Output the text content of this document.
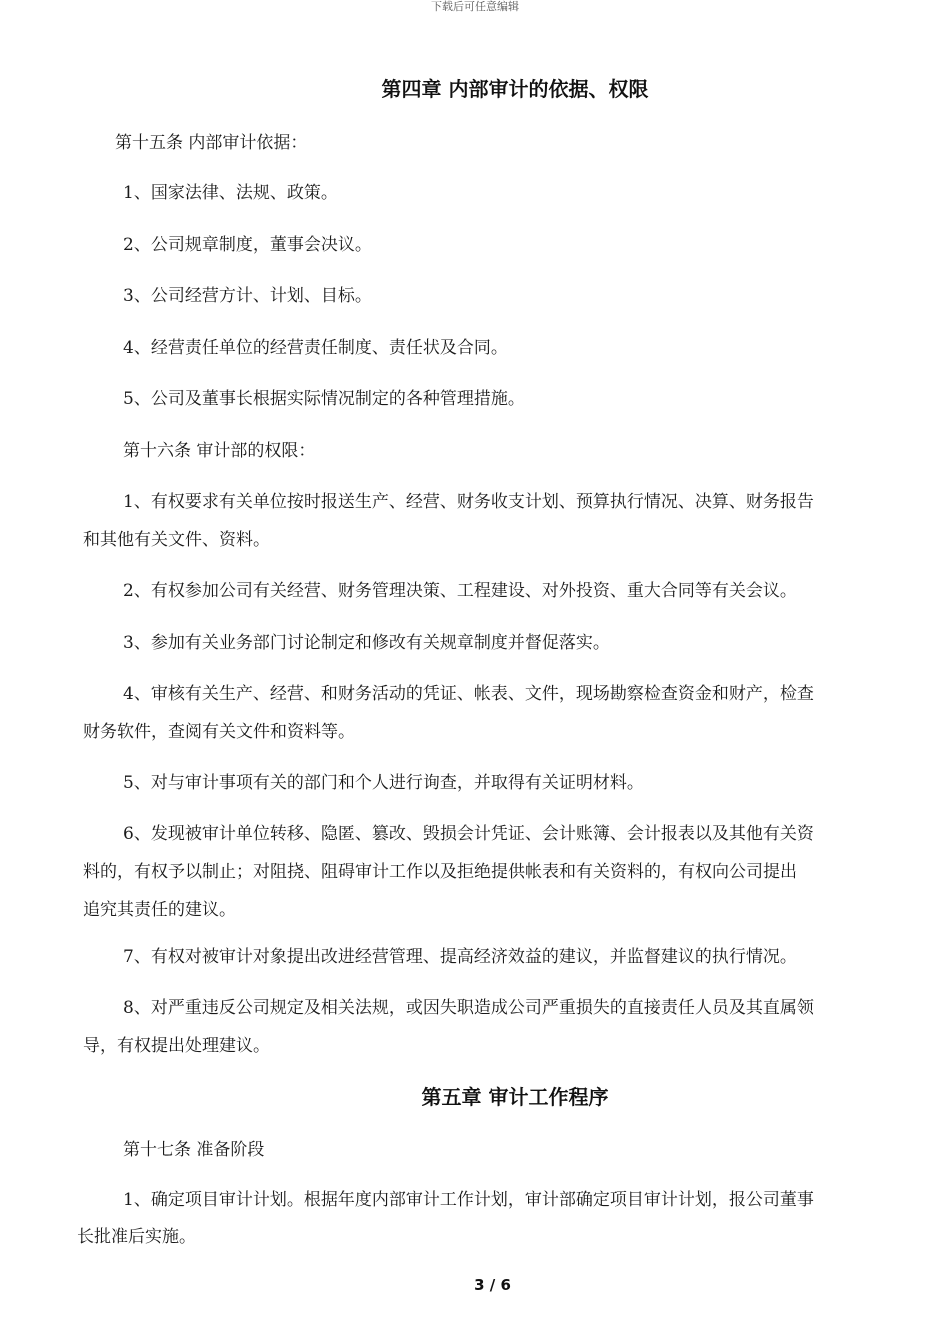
下载后可任意编辑
第四章 内部审计的依据、权限
第十五条 内部审计依据：
1、国家法律、法规、政策。
2、公司规章制度，董事会决议。
3、公司经营方计、计划、目标。
4、经营责任单位的经营责任制度、责任状及合同。
5、公司及董事长根据实际情况制定的各种管理措施。
第十六条 审计部的权限：
1、有权要求有关单位按时报送生产、经营、财务收支计划、预算执行情况、决算、财务报告
和其他有关文件、资料。
2、有权参加公司有关经营、财务管理决策、工程建设、对外投资、重大合同等有关会议。
3、参加有关业务部门讨论制定和修改有关规章制度并督促落实。
4、审核有关生产、经营、和财务活动的凭证、帐表、文件，现场勘察检查资金和财产，检查
财务软件，查阅有关文件和资料等。
5、对与审计事项有关的部门和个人进行询查，并取得有关证明材料。
6、发现被审计单位转移、隐匿、篡改、毁损会计凭证、会计账簿、会计报表以及其他有关资
料的，有权予以制止；对阻挠、阻碍审计工作以及拒绝提供帐表和有关资料的，有权向公司提出
追究其责任的建议。
7、有权对被审计对象提出改进经营管理、提高经济效益的建议，并监督建议的执行情况。
8、对严重违反公司规定及相关法规，或因失职造成公司严重损失的直接责任人员及其直属领
导，有权提出处理建议。
第五章 审计工作程序
第十七条 准备阶段
1、确定项目审计计划。根据年度内部审计工作计划，审计部确定项目审计计划，报公司董事
长批准后实施。
3 / 6
